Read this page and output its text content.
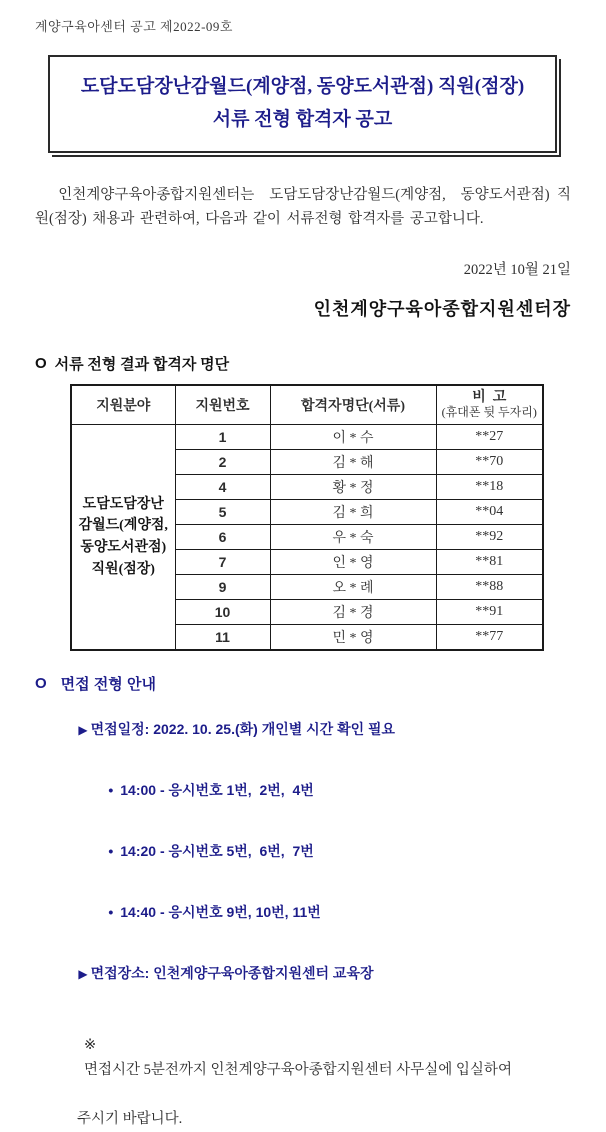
계양구육아센터 공고 제2022-09호
도담도담장난감월드(계양점, 동양도서관점) 직원(점장)
서류 전형 합격자 공고

인천계양구육아종합지원센터는  도담도담장난감월드(계양점,  동양도서관점) 직원(점장) 채용과 관련하여, 다음과 같이 서류전형 합격자를 공고합니다.

2022년 10월 21일
인천계양구육아종합지원센터장
O 서류 전형 결과 합격자 명단
지원분야	지원번호	합격자명단(서류)	비  고
(휴대폰 뒷 두자리)

도담도담장난
감월드(계양점,
동양도서관점)
직원(점장)	1	이 * 수	**27
	2	김 * 해	**70
	4	황 * 정	**18
	5	김 * 희	**04
	6	우 * 숙	**92
	7	인 * 영	**81
	9	오 * 례	**88
	10	김 * 경	**91
	11	민 * 영	**77
O 면접 전형 안내

▶ 면접일정: 2022. 10. 25.(화) 개인별 시간 확인 필요

• 14:00 - 응시번호 1번,  2번,  4번

• 14:20 - 응시번호 5번,  6번,  7번

• 14:40 - 응시번호 9번, 10번, 11번

▶ 면접장소: 인천계양구육아종합지원센터 교육장

※
면접시간 5분전까지 인천계양구육아종합지원센터 사무실에 입실하여

주시기 바랍니다.
